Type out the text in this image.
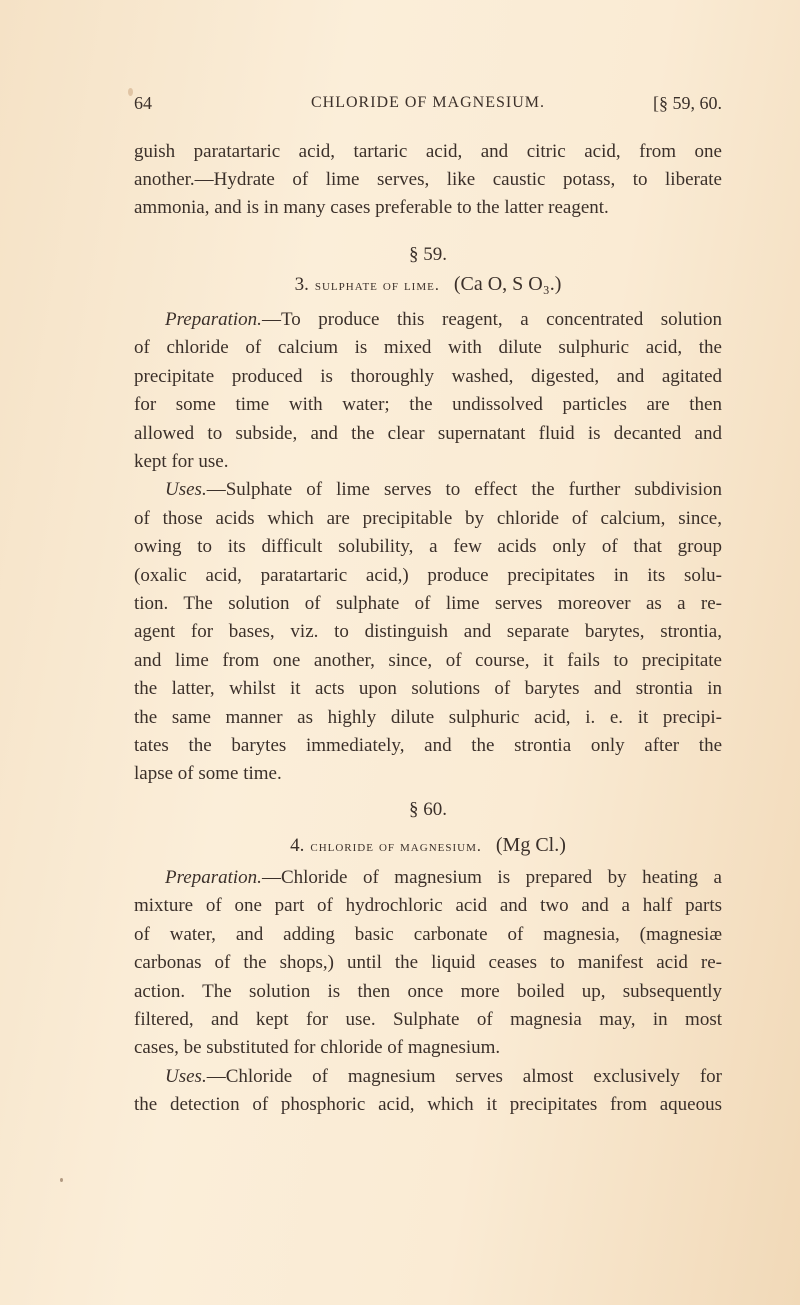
64	CHLORIDE OF MAGNESIUM.	[§ 59, 60.
guish paratartaric acid, tartaric acid, and citric acid, from one
another.—Hydrate of lime serves, like caustic potass, to liberate
ammonia, and is in many cases preferable to the latter reagent.
§ 59.
3. sulphate of lime. (Ca O, S O₃.)
Preparation.—To produce this reagent, a concentrated solution
of chloride of calcium is mixed with dilute sulphuric acid, the
precipitate produced is thoroughly washed, digested, and agitated
for some time with water; the undissolved particles are then
allowed to subside, and the clear supernatant fluid is decanted and
kept for use.
Uses.—Sulphate of lime serves to effect the further subdivision
of those acids which are precipitable by chloride of calcium, since,
owing to its difficult solubility, a few acids only of that group
(oxalic acid, paratartaric acid,) produce precipitates in its solu-
tion. The solution of sulphate of lime serves moreover as a re-
agent for bases, viz. to distinguish and separate barytes, strontia,
and lime from one another, since, of course, it fails to precipitate
the latter, whilst it acts upon solutions of barytes and strontia in
the same manner as highly dilute sulphuric acid, i. e. it precipi-
tates the barytes immediately, and the strontia only after the
lapse of some time.
§ 60.
4. chloride of magnesium. (Mg Cl.)
Preparation.—Chloride of magnesium is prepared by heating a
mixture of one part of hydrochloric acid and two and a half parts
of water, and adding basic carbonate of magnesia, (magnesiæ
carbonas of the shops,) until the liquid ceases to manifest acid re-
action. The solution is then once more boiled up, subsequently
filtered, and kept for use. Sulphate of magnesia may, in most
cases, be substituted for chloride of magnesium.
Uses.—Chloride of magnesium serves almost exclusively for
the detection of phosphoric acid, which it precipitates from aqueous
